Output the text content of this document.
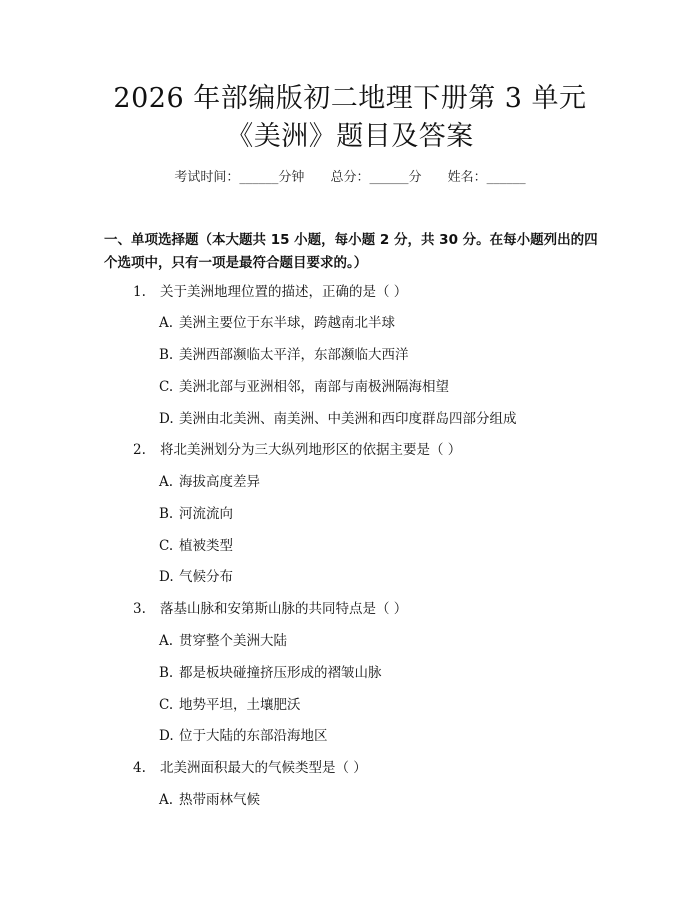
2026 年部编版初二地理下册第 3 单元《美洲》题目及答案
考试时间：______分钟 总分：______分 姓名：______

一、单项选择题（本大题共 15 小题，每小题 2 分，共 30 分。在每小题列出的四个选项中，只有一项是最符合题目要求的。）

1. 关于美洲地理位置的描述，正确的是（ ）
A. 美洲主要位于东半球，跨越南北半球
B. 美洲西部濒临太平洋，东部濒临大西洋
C. 美洲北部与亚洲相邻，南部与南极洲隔海相望
D. 美洲由北美洲、南美洲、中美洲和西印度群岛四部分组成
2. 将北美洲划分为三大纵列地形区的依据主要是（ ）
A. 海拔高度差异
B. 河流流向
C. 植被类型
D. 气候分布
3. 落基山脉和安第斯山脉的共同特点是（ ）
A. 贯穿整个美洲大陆
B. 都是板块碰撞挤压形成的褶皱山脉
C. 地势平坦，土壤肥沃
D. 位于大陆的东部沿海地区
4. 北美洲面积最大的气候类型是（ ）
A. 热带雨林气候
